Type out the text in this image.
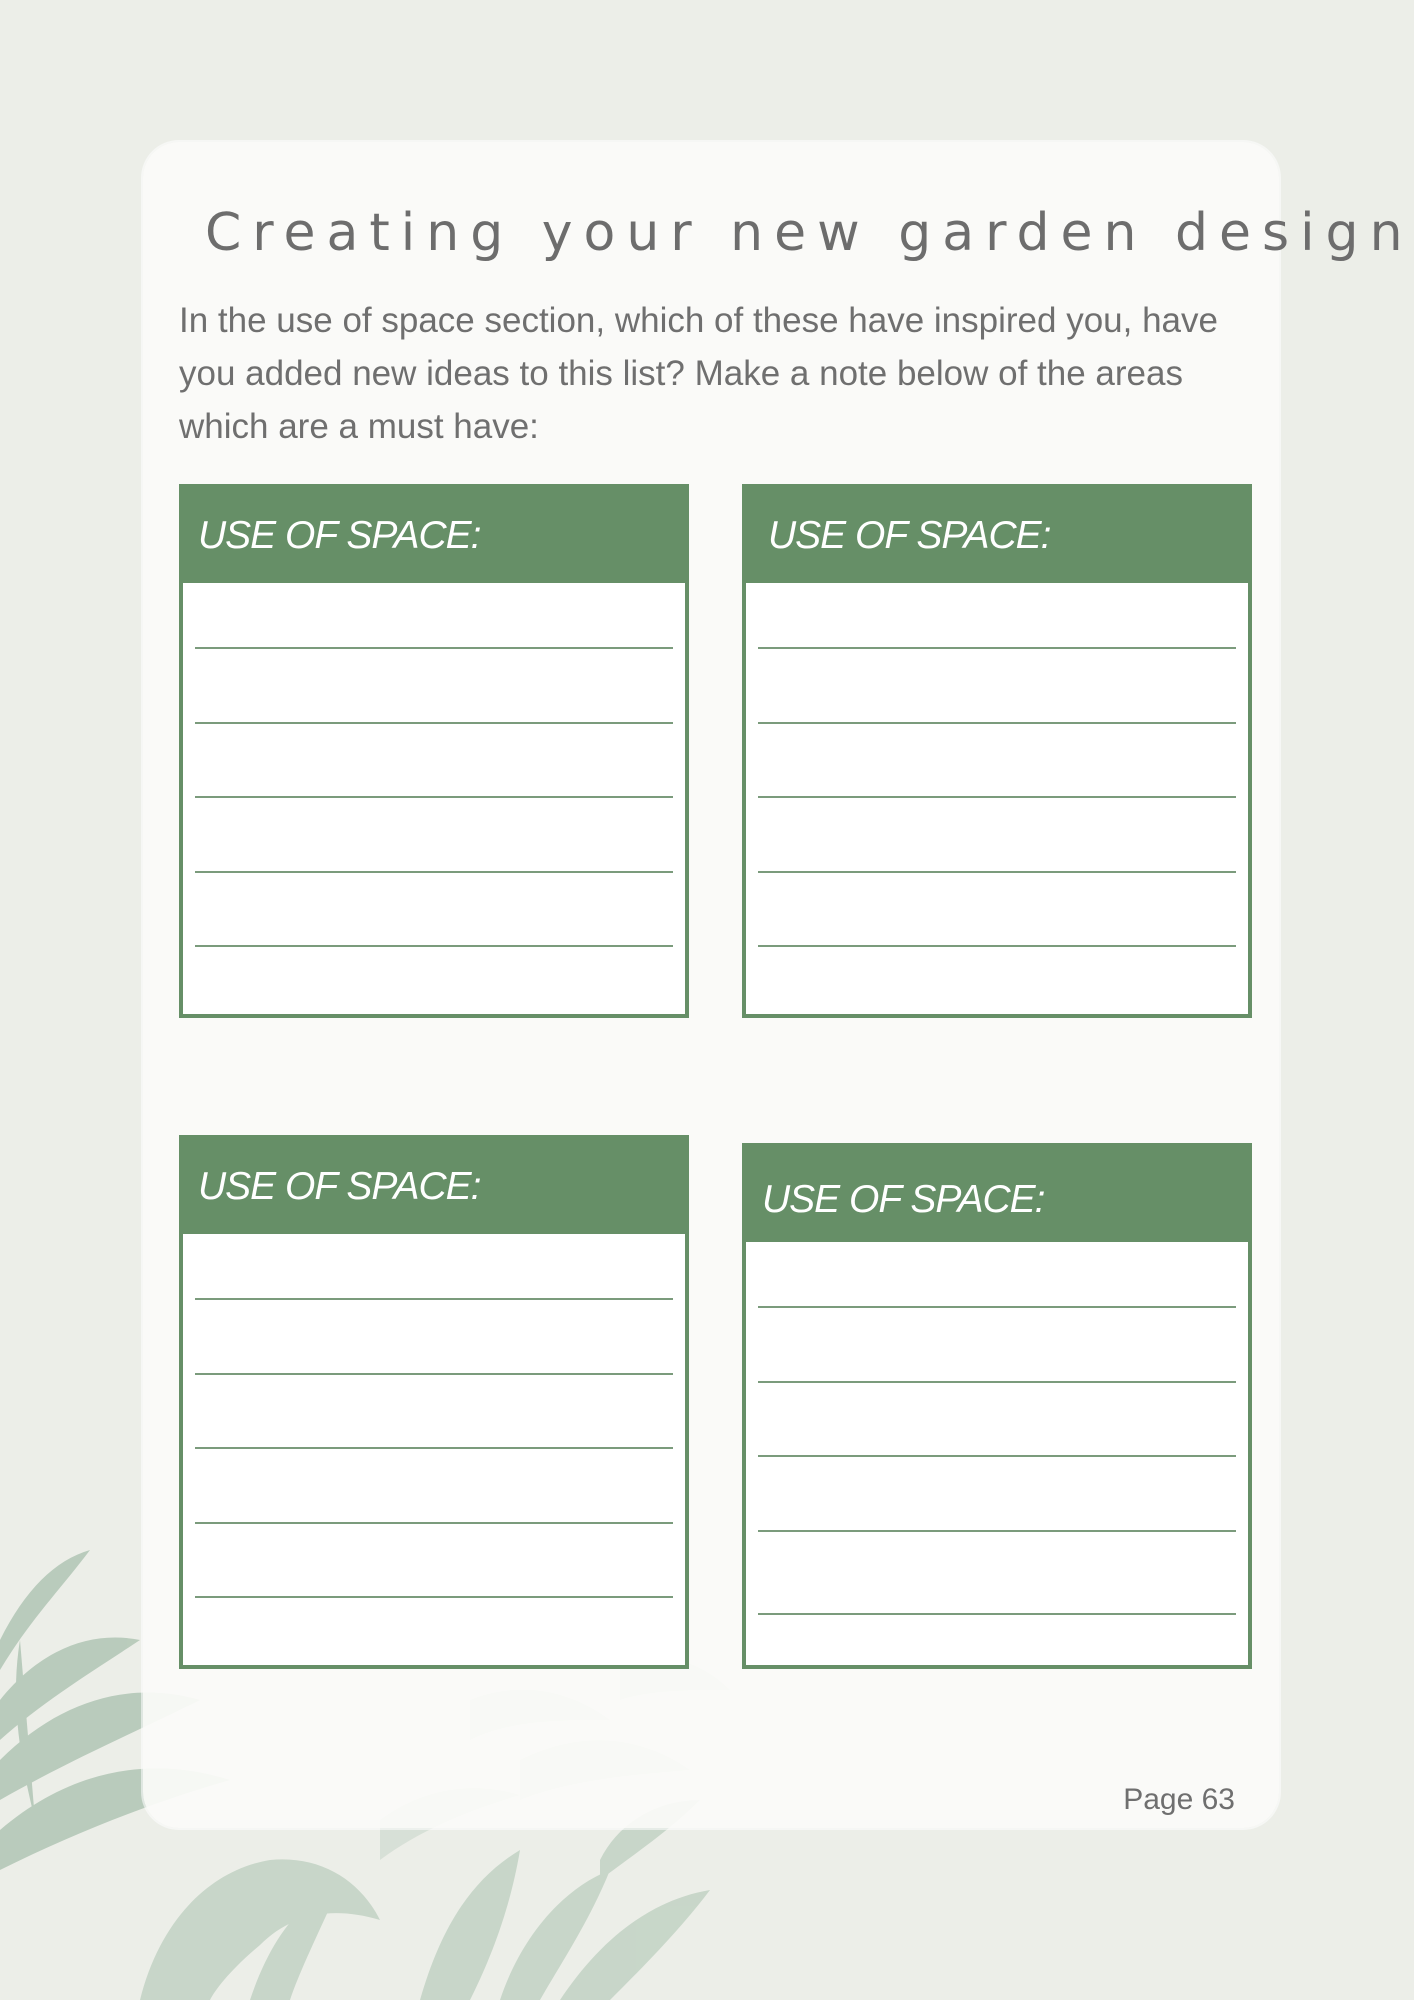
Creating your new garden design

In the use of space section, which of these have inspired you, have
you added new ideas to this list? Make a note below of the areas
which are a must have:

USE OF SPACE:	USE OF SPACE:
USE OF SPACE:	USE OF SPACE:
Page 63
